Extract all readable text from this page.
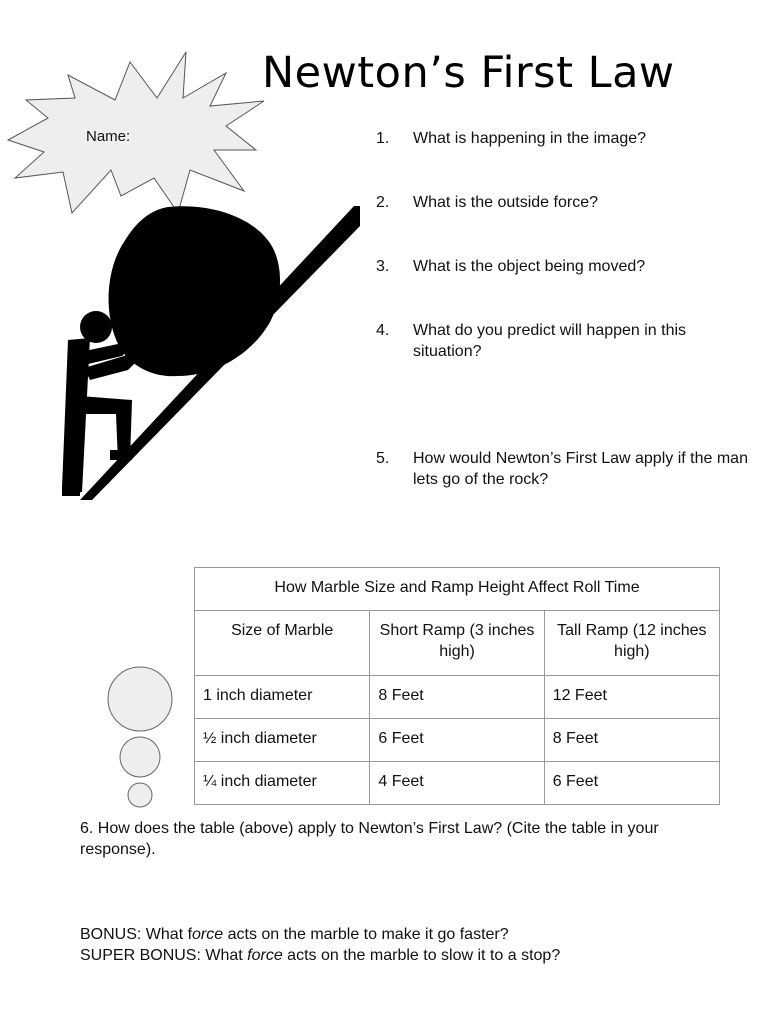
Newton’s First Law
Name:	1.	What is happening in the image?
2.	What is the outside force?
3.	What is the object being moved?
4.	What do you predict will happen in this situation?
5.	How would Newton’s First Law apply if the man lets go of the rock?
How Marble Size and Ramp Height Affect Roll Time		
Size of Marble	Short Ramp (3 inches high)	Tall Ramp (12 inches high)
1 inch diameter	8 Feet	12 Feet
½ inch diameter	6 Feet	8 Feet
¼ inch diameter	4 Feet	6 Feet
6. How does the table (above) apply to Newton’s First Law? (Cite the table in your response).
BONUS: What force acts on the marble to make it go faster?
SUPER BONUS: What force acts on the marble to slow it to a stop?
